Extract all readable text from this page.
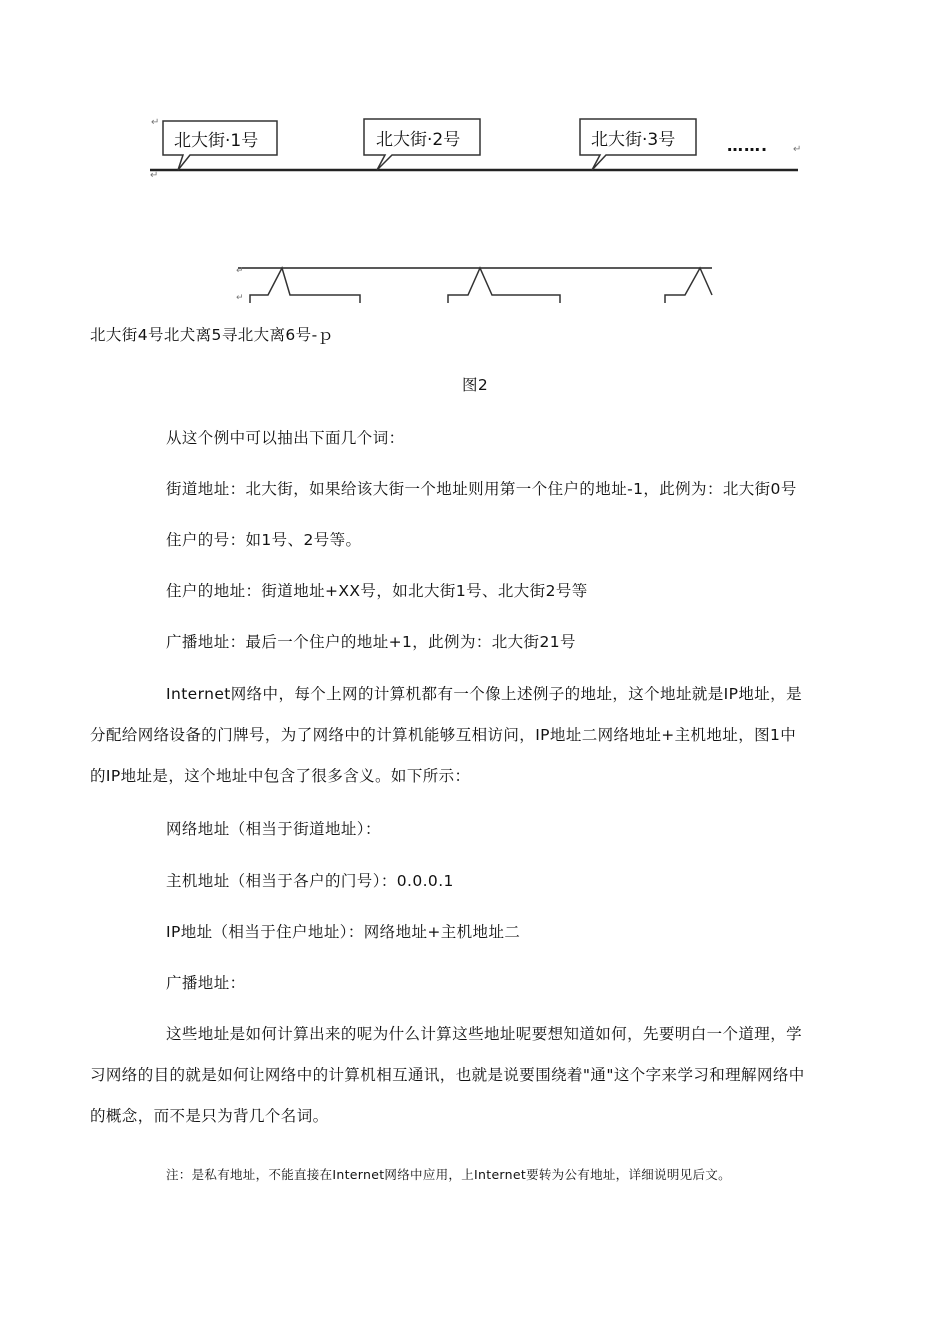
↵
↵
↵
北大街·1号	北大街·2号	北大街·3号	…….
↵
↵
北大街4号北犬离5寻北大离6号-ｐ
图2
从这个例中可以抽出下面几个词：
街道地址：北大街，如果给该大街一个地址则用第一个住户的地址-1，此例为：北大街0号
住户的号：如1号、2号等。
住户的地址：街道地址+XX号，如北大街1号、北大街2号等
广播地址：最后一个住户的地址+1，此例为：北大街21号
Internet网络中，每个上网的计算机都有一个像上述例子的地址，这个地址就是IP地址，是
分配给网络设备的门牌号，为了网络中的计算机能够互相访问，IP地址二网络地址+主机地址，图1中
的IP地址是，这个地址中包含了很多含义。如下所示：
网络地址（相当于街道地址）：
主机地址（相当于各户的门号）：0.0.0.1
IP地址（相当于住户地址）：网络地址+主机地址二
广播地址：
这些地址是如何计算出来的呢为什么计算这些地址呢要想知道如何，先要明白一个道理，学
习网络的目的就是如何让网络中的计算机相互通讯，也就是说要围绕着"通"这个字来学习和理解网络中
的概念，而不是只为背几个名词。
注：是私有地址，不能直接在Internet网络中应用，上Internet要转为公有地址，详细说明见后文。
